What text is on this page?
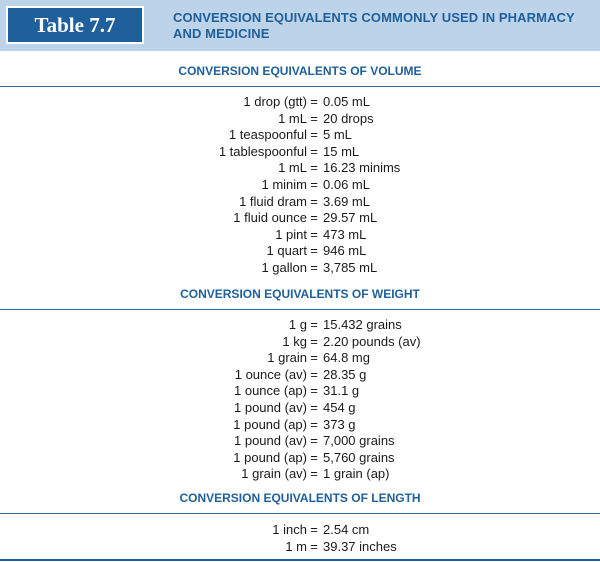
Table 7.7	CONVERSION EQUIVALENTS COMMONLY USED IN PHARMACY
AND MEDICINE
CONVERSION EQUIVALENTS OF VOLUME
1 drop (gtt) = 0.05 mL
1 mL = 20 drops
1 teaspoonful = 5 mL
1 tablespoonful = 15 mL
1 mL = 16.23 minims
1 minim = 0.06 mL
1 fluid dram = 3.69 mL
1 fluid ounce = 29.57 mL
1 pint = 473 mL
1 quart = 946 mL
1 gallon = 3,785 mL
CONVERSION EQUIVALENTS OF WEIGHT
1 g = 15.432 grains
1 kg = 2.20 pounds (av)
1 grain = 64.8 mg
1 ounce (av) = 28.35 g
1 ounce (ap) = 31.1 g
1 pound (av) = 454 g
1 pound (ap) = 373 g
1 pound (av) = 7,000 grains
1 pound (ap) = 5,760 grains
1 grain (av) = 1 grain (ap)
CONVERSION EQUIVALENTS OF LENGTH
1 inch = 2.54 cm
1 m = 39.37 inches
